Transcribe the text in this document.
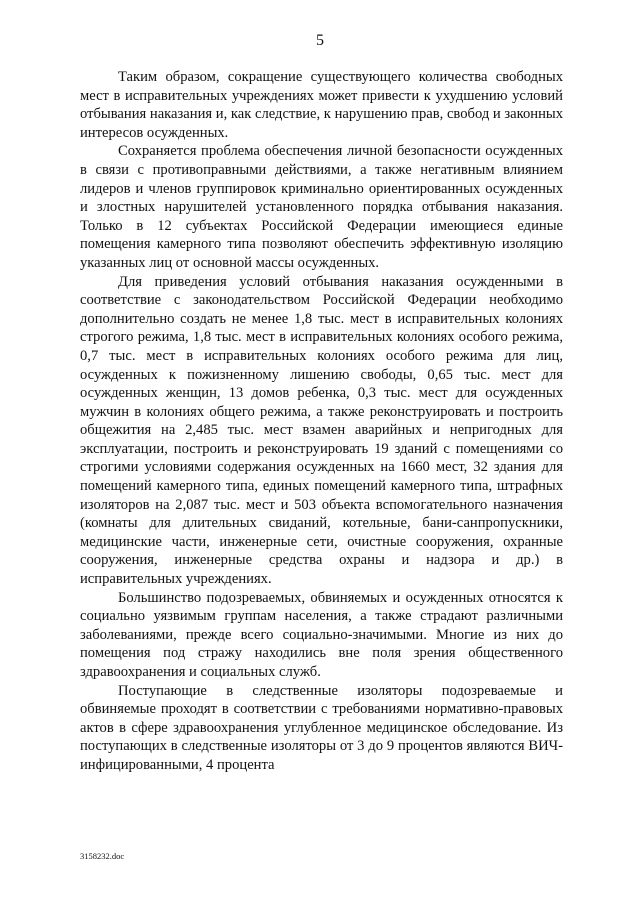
5

Таким образом, сокращение существующего количества свободных мест в исправительных учреждениях может привести к ухудшению условий отбывания наказания и, как следствие, к нарушению прав, свобод и законных интересов осужденных.

Сохраняется проблема обеспечения личной безопасности осужденных в связи с противоправными действиями, а также негативным влиянием лидеров и членов группировок криминально ориентированных осужденных и злостных нарушителей установленного порядка отбывания наказания. Только в 12 субъектах Российской Федерации имеющиеся единые помещения камерного типа позволяют обеспечить эффективную изоляцию указанных лиц от основной массы осужденных.

Для приведения условий отбывания наказания осужденными в соответствие с законодательством Российской Федерации необходимо дополнительно создать не менее 1,8 тыс. мест в исправительных колониях строгого режима, 1,8 тыс. мест в исправительных колониях особого режима, 0,7 тыс. мест в исправительных колониях особого режима для лиц, осужденных к пожизненному лишению свободы, 0,65 тыс. мест для осужденных женщин, 13 домов ребенка, 0,3 тыс. мест для осужденных мужчин в колониях общего режима, а также реконструировать и построить общежития на 2,485 тыс. мест взамен аварийных и непригодных для эксплуатации, построить и реконструировать 19 зданий с помещениями со строгими условиями содержания осужденных на 1660 мест, 32 здания для помещений камерного типа, единых помещений камерного типа, штрафных изоляторов на 2,087 тыс. мест и 503 объекта вспомогательного назначения (комнаты для длительных свиданий, котельные, бани-санпропускники, медицинские части, инженерные сети, очистные сооружения, охранные сооружения, инженерные средства охраны и надзора и др.) в исправительных учреждениях.

Большинство подозреваемых, обвиняемых и осужденных относятся к социально уязвимым группам населения, а также страдают различными заболеваниями, прежде всего социально-значимыми. Многие из них до помещения под стражу находились вне поля зрения общественного здравоохранения и социальных служб.

Поступающие в следственные изоляторы подозреваемые и обвиняемые проходят в соответствии с требованиями нормативно-правовых актов в сфере здравоохранения углубленное медицинское обследование. Из поступающих в следственные изоляторы от 3 до 9 процентов являются ВИЧ-инфицированными, 4 процента

3158232.doc
